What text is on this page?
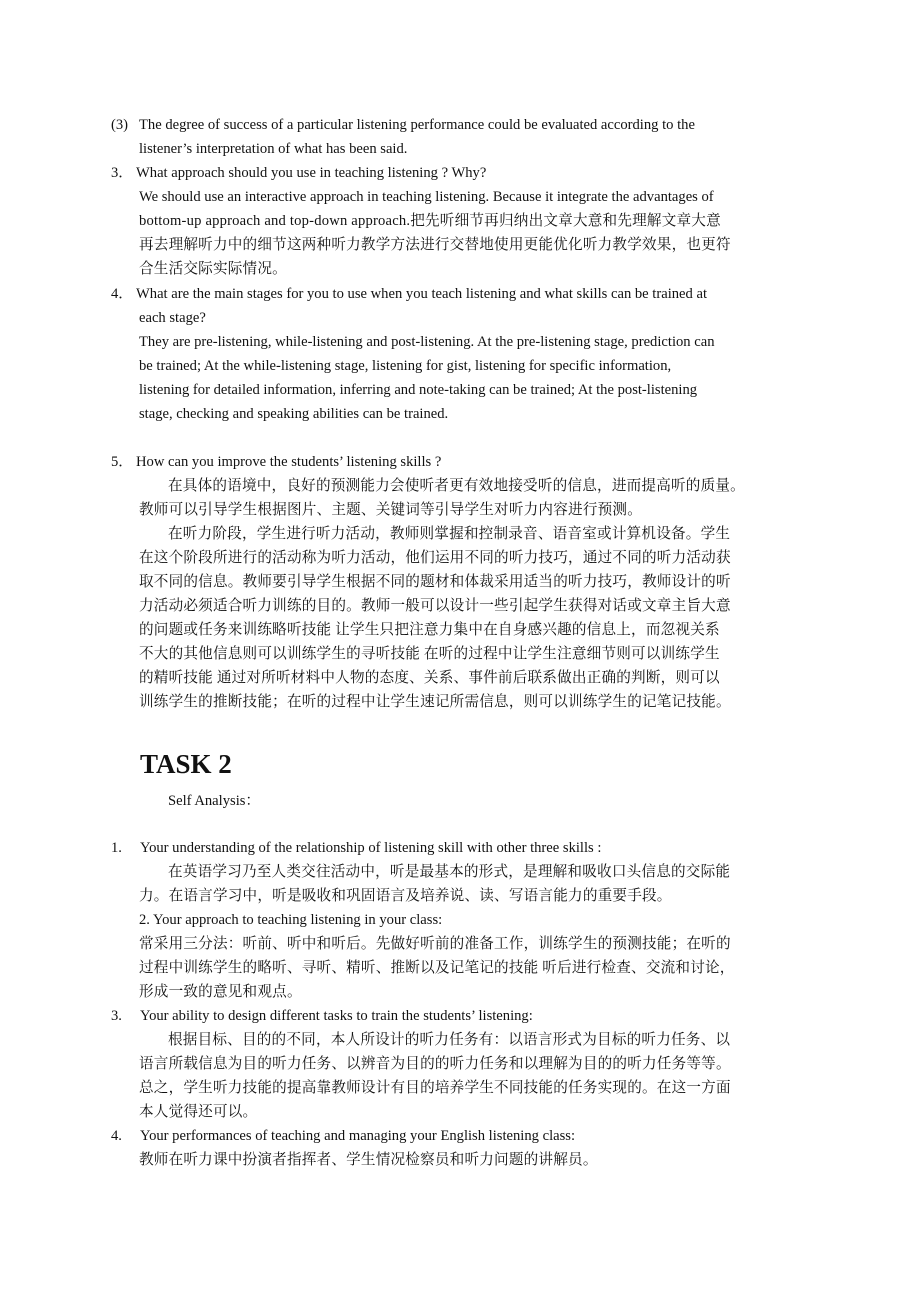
(3) The degree of success of a particular listening performance could be evaluated according to the
listener’s interpretation of what has been said.
3． What approach should you use in teaching listening ? Why?
We should use an interactive approach in teaching listening. Because it integrate the advantages of
bottom-up approach and top-down approach.把先听细节再归纳出文章大意和先理解文章大意
再去理解听力中的细节这两种听力教学方法进行交替地使用更能优化听力教学效果，也更符
合生活交际实际情况。
4． What are the main stages for you to use when you teach listening and what skills can be trained at
each stage?
They are pre-listening, while-listening and post-listening. At the pre-listening stage, prediction can
be trained; At the while-listening stage, listening for gist, listening for specific information,
listening for detailed information, inferring and note-taking can be trained; At the post-listening
stage, checking and speaking abilities can be trained.
5． How can you improve the students’ listening skills ?
在具体的语境中，良好的预测能力会使听者更有效地接受听的信息，进而提高听的质量。
教师可以引导学生根据图片、主题、关键词等引导学生对听力内容进行预测。
在听力阶段，学生进行听力活动，教师则掌握和控制录音、语音室或计算机设备。学生
在这个阶段所进行的活动称为听力活动，他们运用不同的听力技巧，通过不同的听力活动获
取不同的信息。教师要引导学生根据不同的题材和体裁采用适当的听力技巧，教师设计的听
力活动必须适合听力训练的目的。教师一般可以设计一些引起学生获得对话或文章主旨大意
的问题或任务来训练略听技能 让学生只把注意力集中在自身感兴趣的信息上，而忽视关系
不大的其他信息则可以训练学生的寻听技能 在听的过程中让学生注意细节则可以训练学生
的精听技能 通过对所听材料中人物的态度、关系、事件前后联系做出正确的判断，则可以
训练学生的推断技能；在听的过程中让学生速记所需信息，则可以训练学生的记笔记技能。
TASK 2
Self Analysis：
1. Your understanding of the relationship of listening skill with other three skills :
在英语学习乃至人类交往活动中，听是最基本的形式，是理解和吸收口头信息的交际能
力。在语言学习中，听是吸收和巩固语言及培养说、读、写语言能力的重要手段。
2. Your approach to teaching listening in your class:
常采用三分法：听前、听中和听后。先做好听前的准备工作，训练学生的预测技能；在听的
过程中训练学生的略听、寻听、精听、推断以及记笔记的技能 听后进行检查、交流和讨论，
形成一致的意见和观点。
3. Your ability to design different tasks to train the students’ listening:
根据目标、目的的不同，本人所设计的听力任务有：以语言形式为目标的听力任务、以
语言所载信息为目的听力任务、以辨音为目的的听力任务和以理解为目的的听力任务等等。
总之，学生听力技能的提高靠教师设计有目的培养学生不同技能的任务实现的。在这一方面
本人觉得还可以。
4. Your performances of teaching and managing your English listening class:
教师在听力课中扮演者指挥者、学生情况检察员和听力问题的讲解员。
